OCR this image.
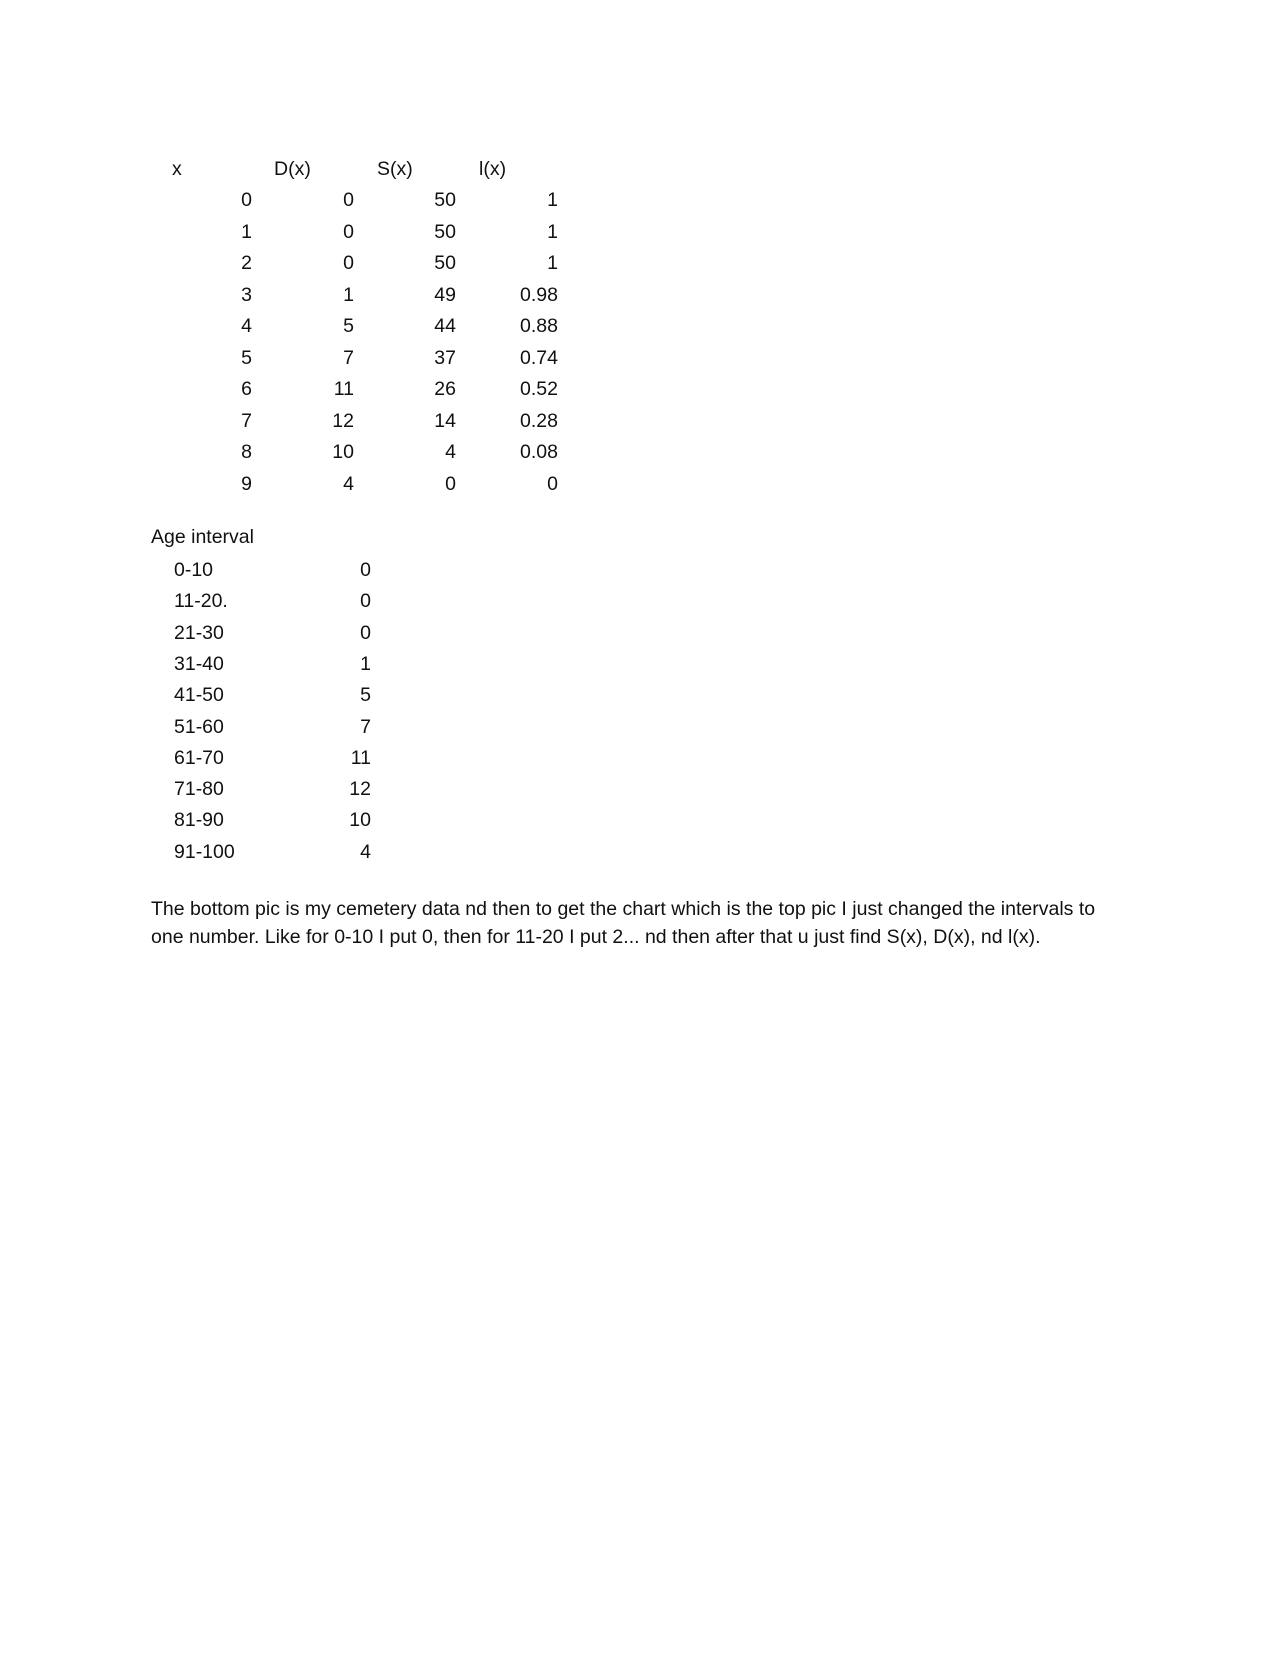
x	D(x)	S(x)	l(x)
0	0	50	1
1	0	50	1
2	0	50	1
3	1	49	0.98
4	5	44	0.88
5	7	37	0.74
6	11	26	0.52
7	12	14	0.28
8	10	4	0.08
9	4	0	0
Age interval
0-10	0
11-20.	0
21-30	0
31-40	1
41-50	5
51-60	7
61-70	11
71-80	12
81-90	10
91-100	4
The bottom pic is my cemetery data nd then to get the chart which is the top pic I just changed the intervals to one number. Like for 0-10 I put 0, then for 11-20 I put 2... nd then after that u just find S(x), D(x), nd l(x).
